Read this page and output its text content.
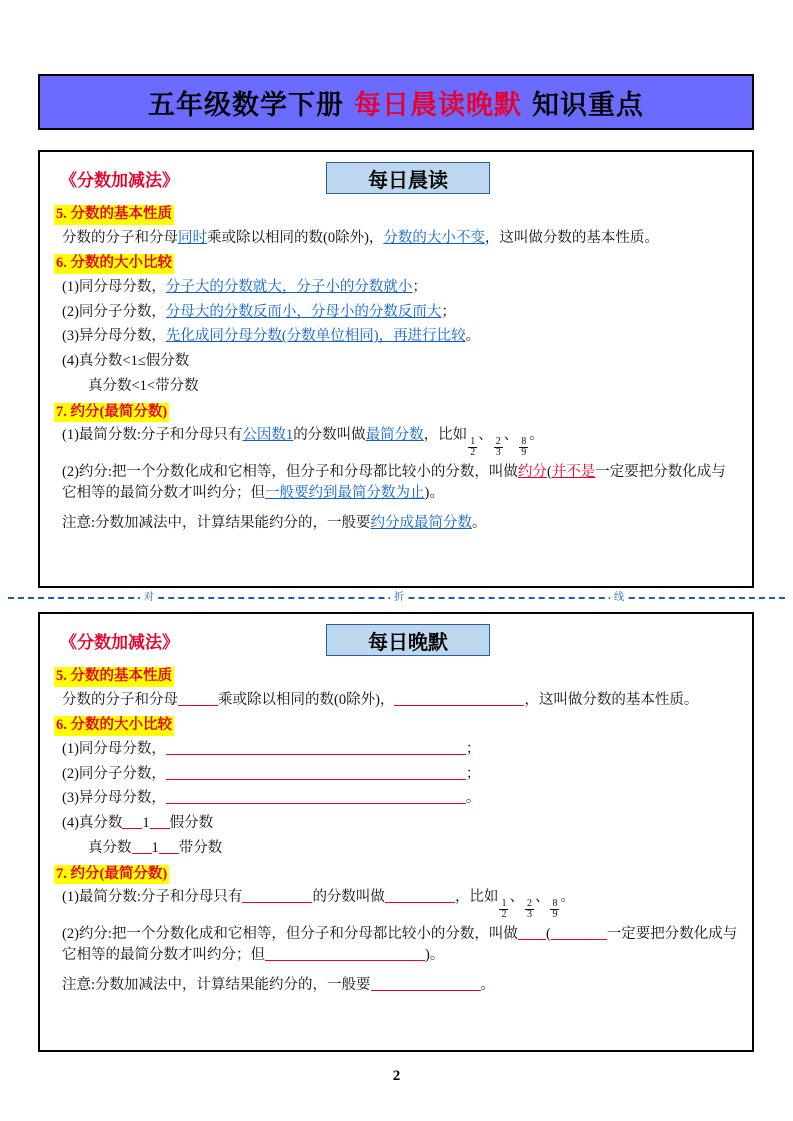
五年级数学下册 每日晨读晚默 知识重点
《分数加减法》	每日晨读
5. 分数的基本性质
分数的分子和分母同时乘或除以相同的数(0除外)，分数的大小不变，这叫做分数的基本性质。
6. 分数的大小比较
(1)同分母分数，分子大的分数就大，分子小的分数就小；
(2)同分子分数，分母大的分数反而小，分母小的分数反而大；
(3)异分母分数，先化成同分母分数(分数单位相同)，再进行比较。
(4)真分数<1≤假分数
真分数<1<带分数
7. 约分(最简分数)
(1)最简分数:分子和分母只有公因数1的分数叫做最简分数，比如
$\frac{1}{2}$
、
$\frac{2}{3}$
、
$\frac{8}{9}$
。
(2)约分:把一个分数化成和它相等，但分子和分母都比较小的分数，叫做约分(并不是一定要把分数化成与它相等的最简分数才叫约分；但一般要约到最简分数为止)。
注意:分数加减法中，计算结果能约分的，一般要约分成最简分数。
对	折	线
《分数加减法》	每日晚默
5. 分数的基本性质
分数的分子和分母	乘或除以相同的数(0除外)，	，这叫做分数的基本性质。
6. 分数的大小比较
(1)同分母分数，	；
(2)同分子分数，	；
(3)异分母分数，	。
(4)真分数 1 假分数
真分数 1 带分数
7. 约分(最简分数)
(1)最简分数:分子和分母只有	的分数叫做	，比如
$\frac{1}{2}$
、
$\frac{2}{3}$
、
$\frac{8}{9}$
。
(2)约分:把一个分数化成和它相等，但分子和分母都比较小的分数，叫做 (	一定要把分数化成与它相等的最简分数才叫约分；但	)。
注意:分数加减法中，计算结果能约分的，一般要	。
2
